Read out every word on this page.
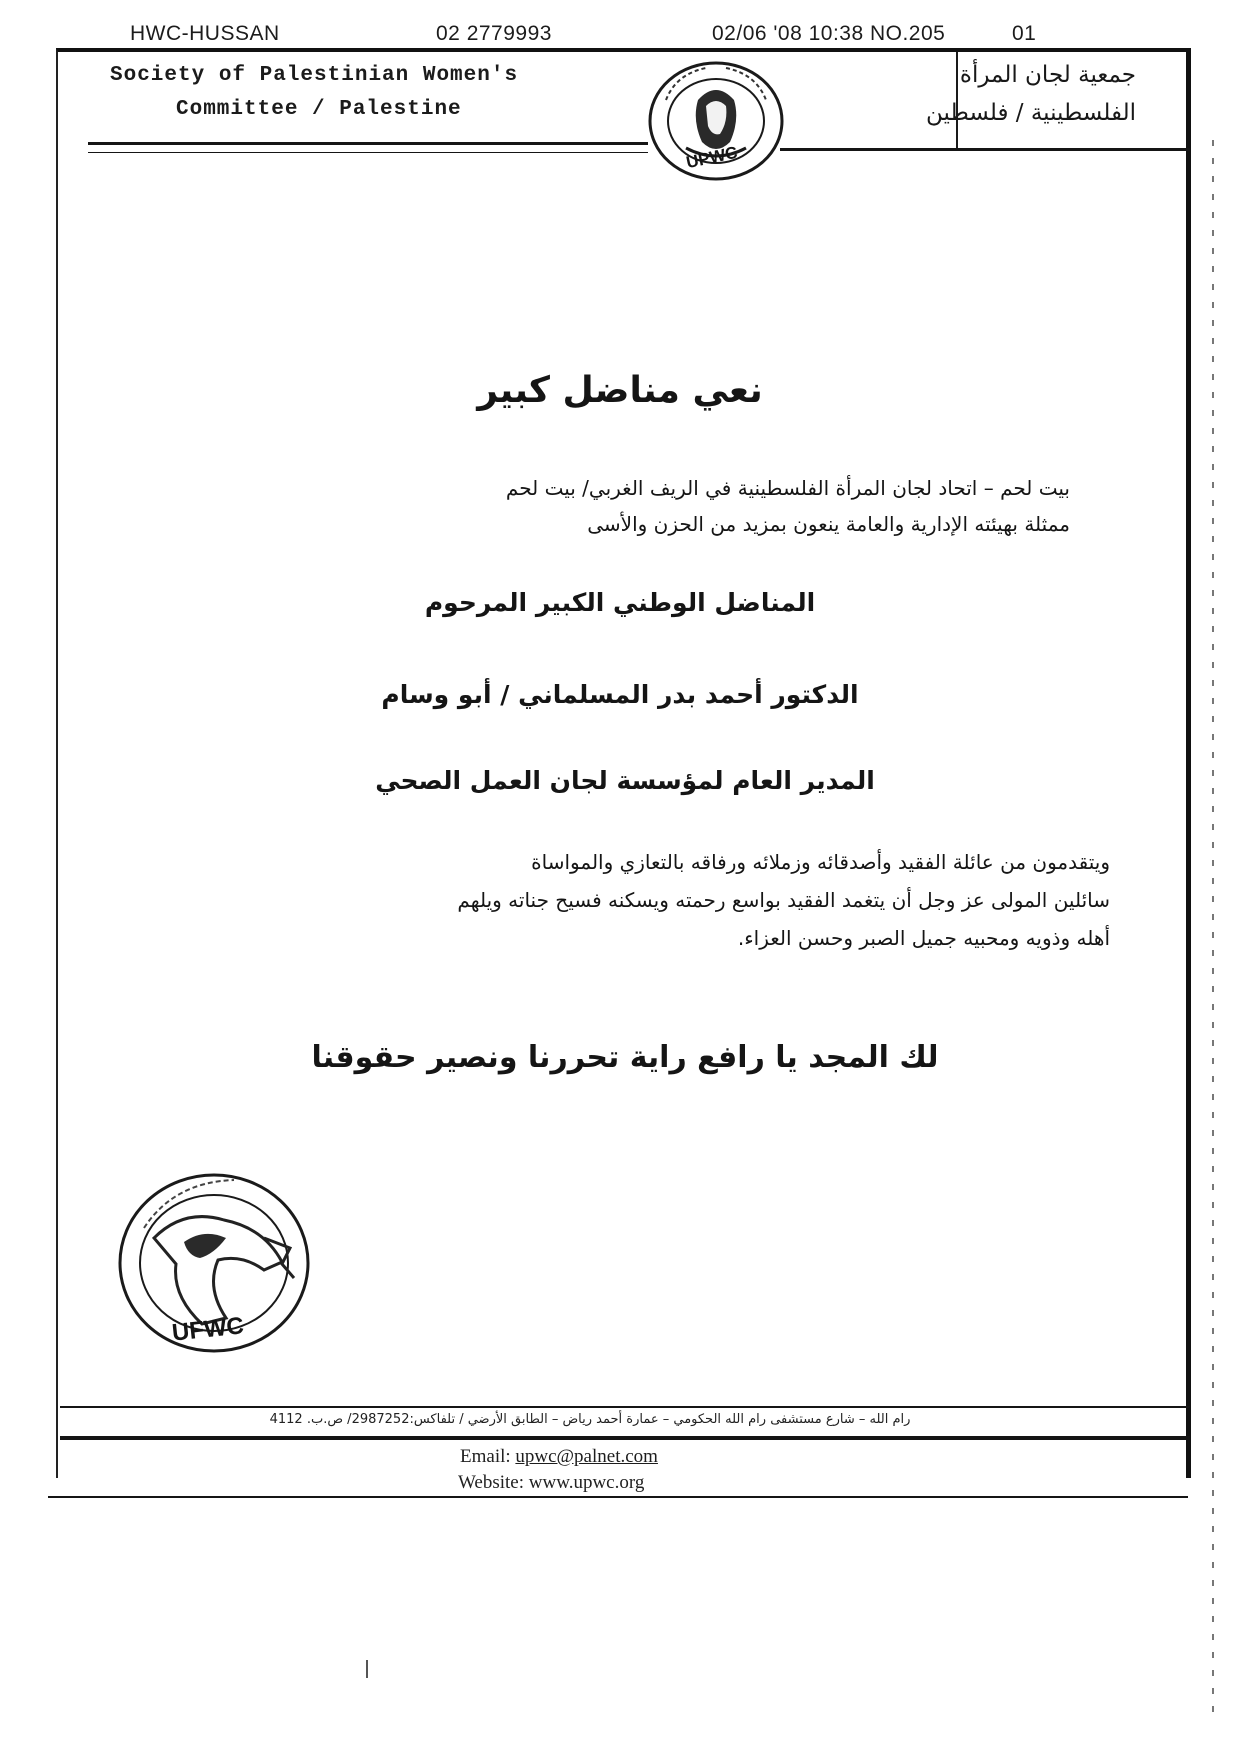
HWC-HUSSAN	02 2779993	02/06 '08 10:38 NO.205	01
Society of Palestinian Women's
Committee / Palestine
UPWC
جمعية لجان المرأة
الفلسطينية / فلسطين
نعي مناضل كبير
بيت لحم – اتحاد لجان المرأة الفلسطينية في الريف الغربي/ بيت لحم
ممثلة بهيئته الإدارية والعامة ينعون بمزيد من الحزن والأسى
المناضل الوطني الكبير المرحوم
الدكتور أحمد بدر المسلماني / أبو وسام
المدير العام لمؤسسة لجان العمل الصحي
ويتقدمون من عائلة الفقيد وأصدقائه وزملائه ورفاقه بالتعازي والمواساة
سائلين المولى عز وجل أن يتغمد الفقيد بواسع رحمته ويسكنه فسيح جناته ويلهم
أهله وذويه ومحبيه جميل الصبر وحسن العزاء.
لك المجد يا رافع راية تحررنا ونصير حقوقنا
UFWC
رام الله – شارع مستشفى رام الله الحكومي – عمارة أحمد رياض – الطابق الأرضي / تلفاكس:2987252/ ص.ب. 4112
Email: upwc@palnet.com
Website: www.upwc.org
